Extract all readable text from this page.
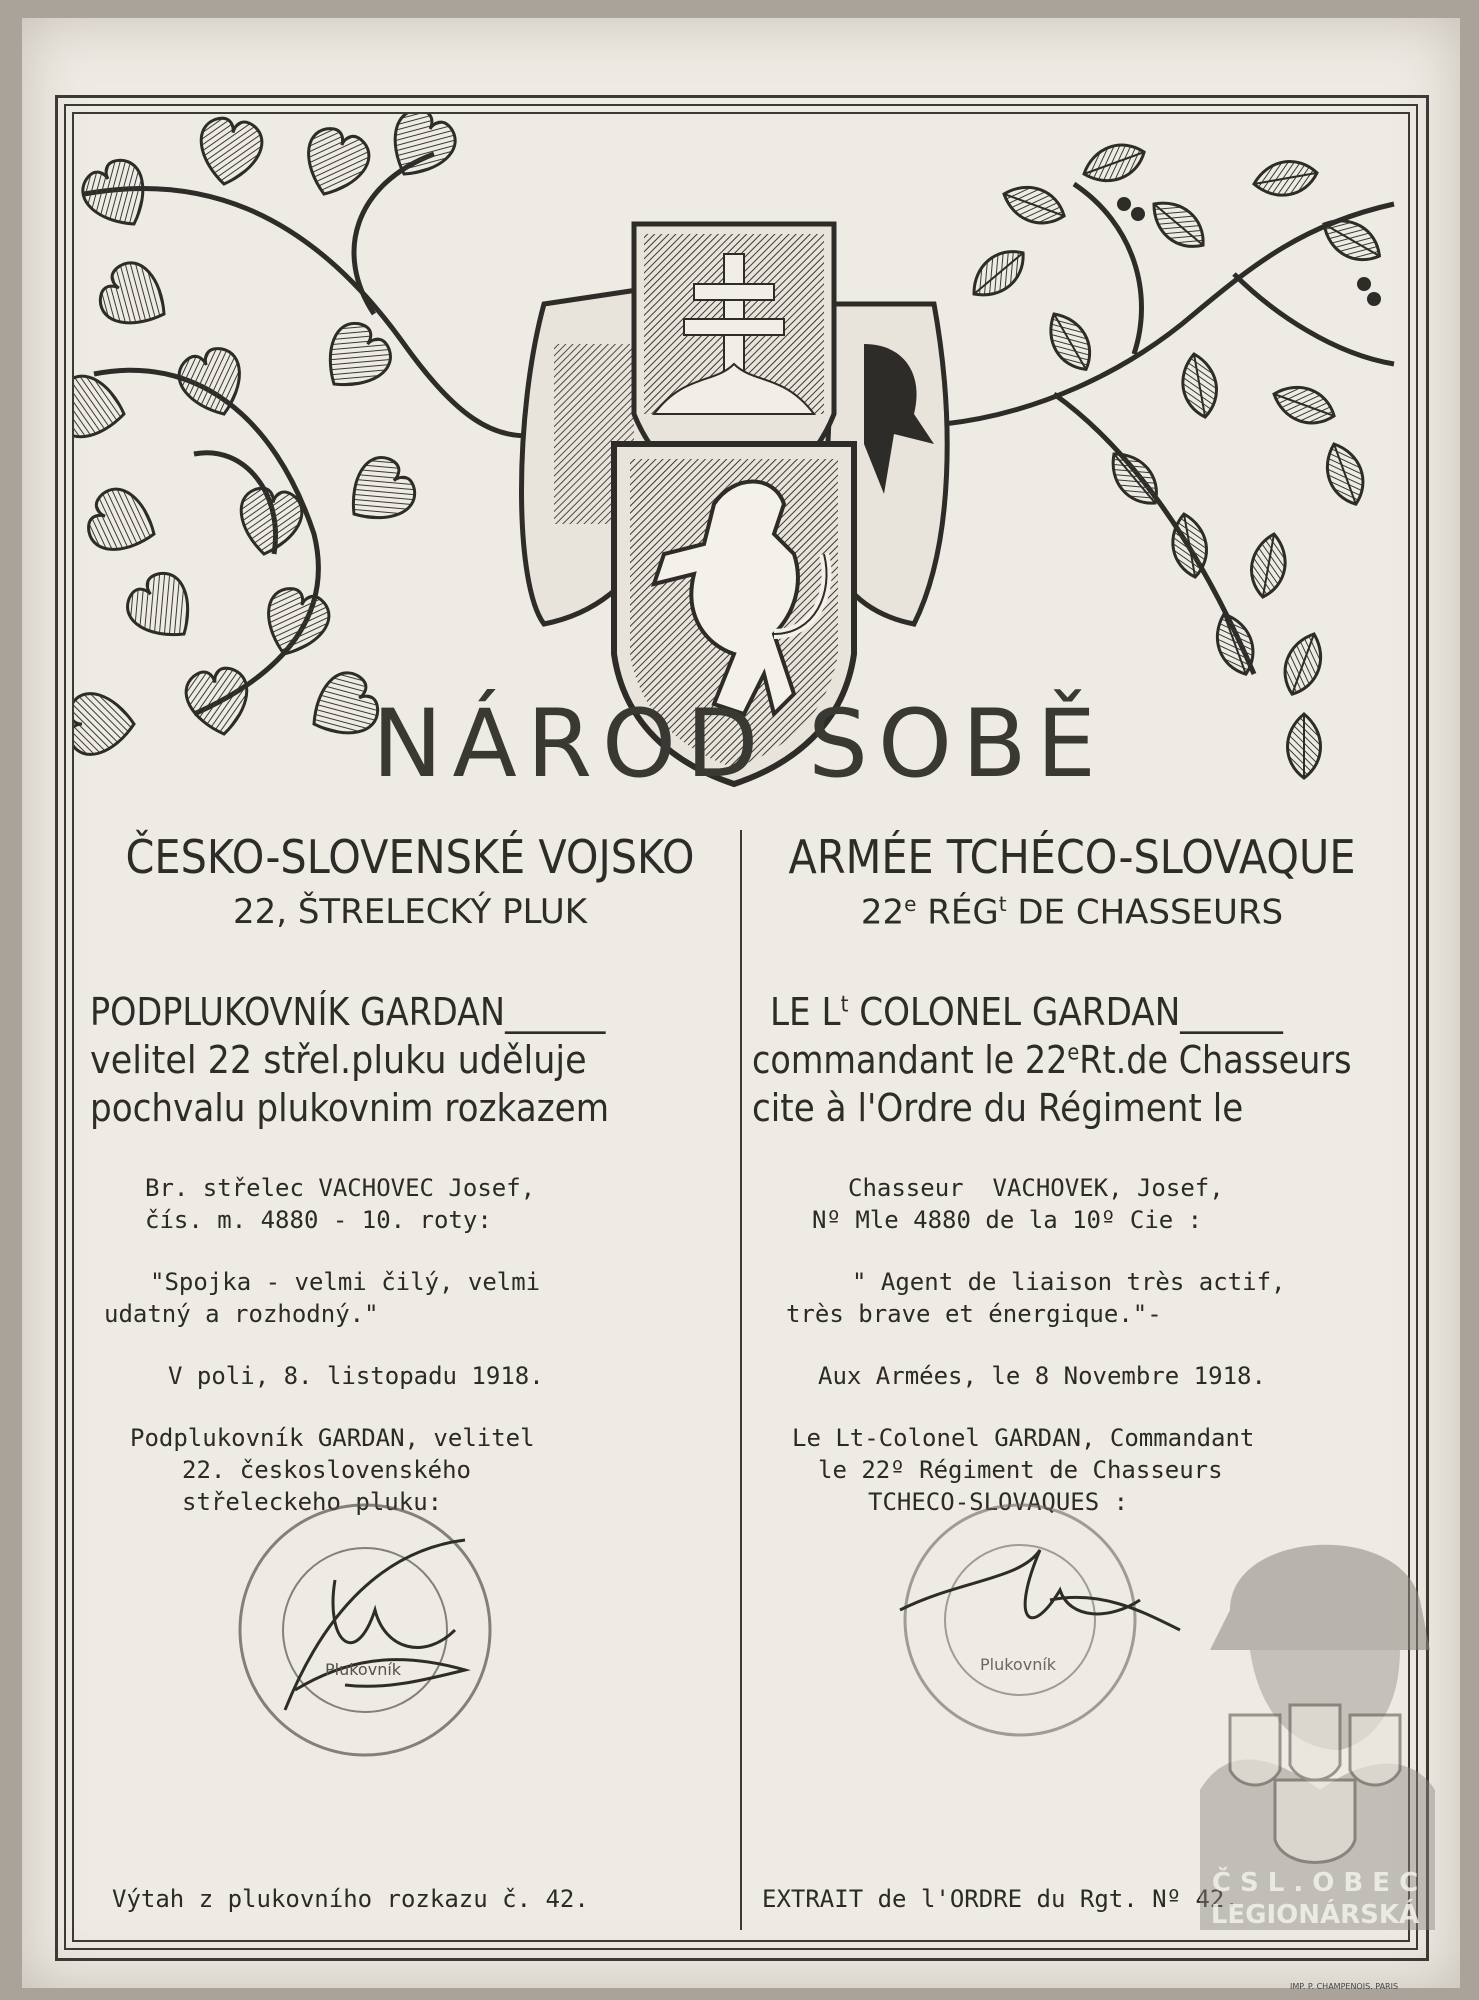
NÁROD SOBĚ
ČESKO-SLOVENSKÉ VOJSKO
22, ŠTRELECKÝ PLUK
PODPLUKOVNÍK GARDAN______
velitel 22 střel.pluku uděluje
pochvalu plukovnim rozkazem
Br. střelec VACHOVEC Josef,
čís. m. 4880 - 10. roty:
"Spojka - velmi čilý, velmi
udatný a rozhodný."
V poli, 8. listopadu 1918.
Podplukovník GARDAN, velitel
22. československého
střeleckeho pluku:
Plukovník
ARMÉE TCHÉCO-SLOVAQUE
22e RÉG$^t$ DE CHASSEURS
LE $L^t$ COLONEL GARDAN______
commandant le 22eRt.de Chasseurs
cite à l'Ordre du Régiment le
Chasseur  VACHOVEK, Josef,
Nº Mle 4880 de la 10º Cie :
" Agent de liaison très actif,
très brave et énergique."-
Aux Armées, le 8 Novembre 1918.
Le Lt-Colonel GARDAN, Commandant
le 22º Régiment de Chasseurs
TCHECO-SLOVAQUES :
Plukovník
Výtah z plukovního rozkazu č. 42.	EXTRAIT de l'ORDRE du Rgt. Nº 42.
Č S L . O B E C
LEGIONÁRSKÁ
IMP. P. CHAMPENOIS. PARIS
